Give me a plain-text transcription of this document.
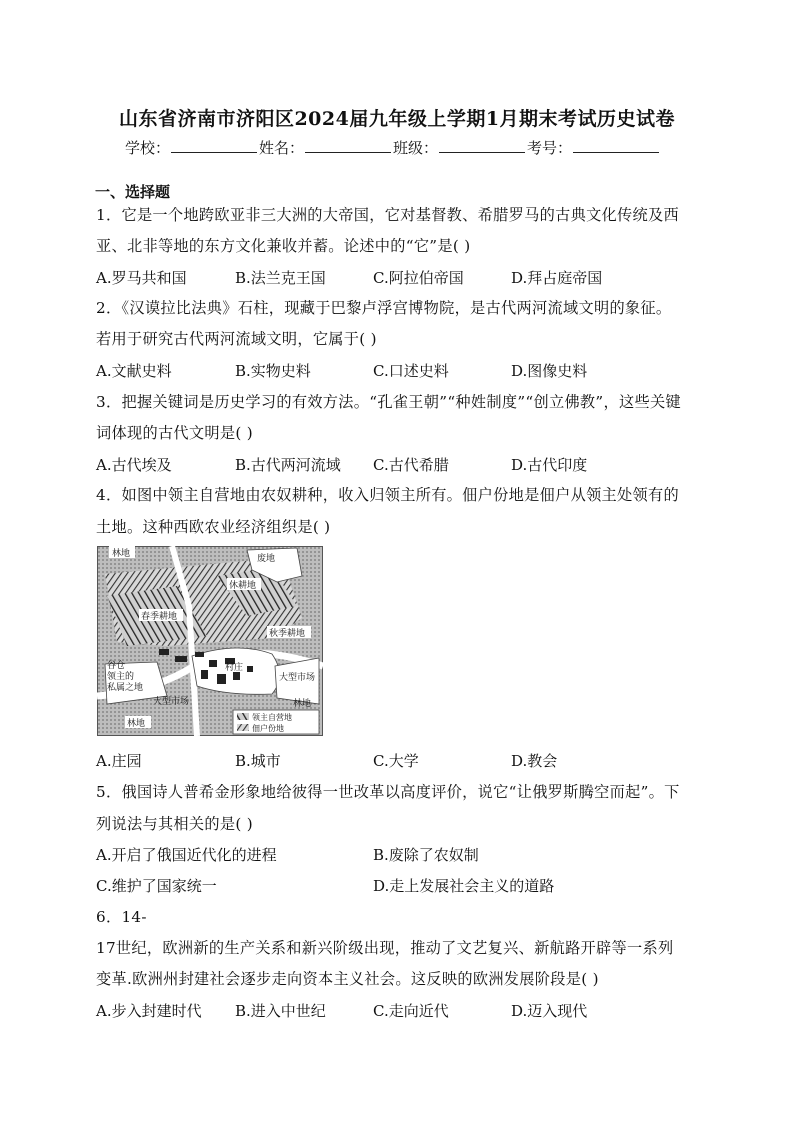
山东省济南市济阳区2024届九年级上学期1月期末考试历史试卷
学校：	姓名：	班级：	考号：
一、选择题
1．它是一个地跨欧亚非三大洲的大帝国，它对基督教、希腊罗马的古典文化传统及西
亚、北非等地的东方文化兼收并蓄。论述中的“它”是( )
A.罗马共和国	B.法兰克王国	C.阿拉伯帝国	D.拜占庭帝国
2．《汉谟拉比法典》石柱，现藏于巴黎卢浮宫博物院，是古代两河流域文明的象征。
若用于研究古代两河流域文明，它属于( )
A.文献史料	B.实物史料	C.口述史料	D.图像史料
3．把握关键词是历史学习的有效方法。“孔雀王朝”“种姓制度”“创立佛教”，这些关键
词体现的古代文明是( )
A.古代埃及	B.古代两河流域 C.古代希腊	D.古代印度
4．如图中领主自营地由农奴耕种，收入归领主所有。佃户份地是佃户从领主处领有的
土地。这种西欧农业经济组织是( )
林地	废地
休耕地
春季耕地
秋季耕地
谷仓
领主的
私属之地
村庄
大型市场
大型市场
林地
林地
领主自营地
佃户份地
A.庄园	B.城市	C.大学	D.教会
5．俄国诗人普希金形象地给彼得一世改革以高度评价，说它“让俄罗斯腾空而起”。下
列说法与其相关的是( )
A.开启了俄国近代化的进程	B.废除了农奴制
C.维护了国家统一	D.走上发展社会主义的道路
6．14-
17世纪，欧洲新的生产关系和新兴阶级出现，推动了文艺复兴、新航路开辟等一系列
变革.欧洲州封建社会逐步走向资本主义社会。这反映的欧洲发展阶段是( )
A.步入封建时代 B.进入中世纪	C.走向近代	D.迈入现代
